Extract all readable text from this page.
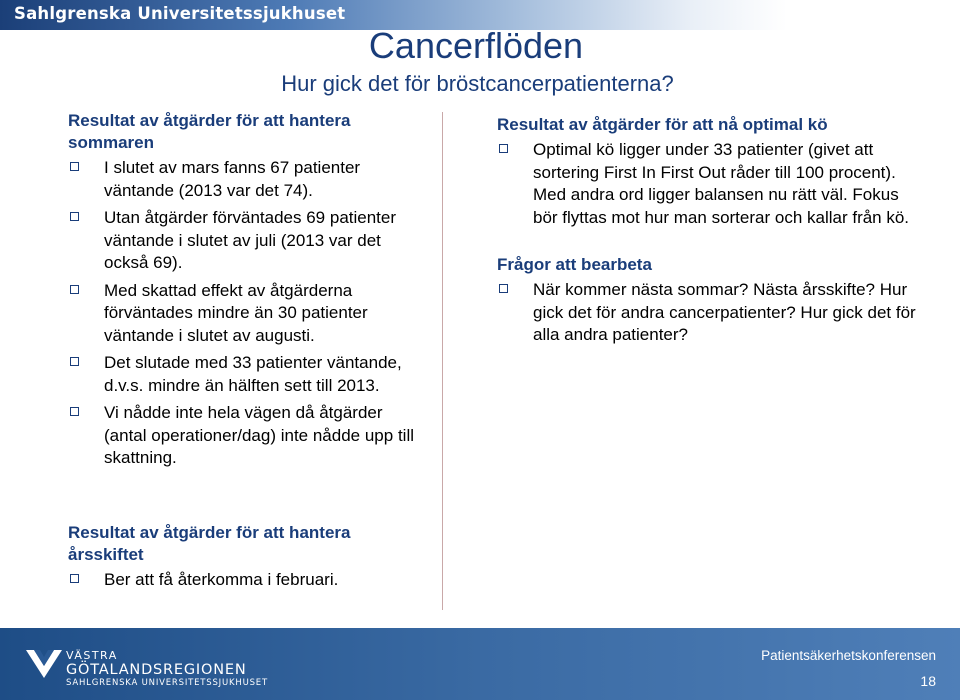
Sahlgrenska Universitetssjukhuset
Cancerflöden
Hur gick det för bröstcancerpatienterna?

Resultat av åtgärder för att hantera sommaren

I slutet av mars fanns 67 patienter väntande (2013 var det 74).
Utan åtgärder förväntades 69 patienter väntande i slutet av juli (2013 var det också 69).
Med skattad effekt av åtgärderna förväntades mindre än 30 patienter väntande i slutet av augusti.
Det slutade med 33 patienter väntande, d.v.s. mindre än hälften sett till 2013.
Vi nådde inte hela vägen då åtgärder (antal operationer/dag) inte nådde upp till skattning.

Resultat av åtgärder för att hantera årsskiftet

Ber att få återkomma i februari.

Resultat av åtgärder för att nå optimal kö

Optimal kö ligger under 33 patienter (givet att sortering First In First Out råder till 100 procent). Med andra ord ligger balansen nu rätt väl. Fokus bör flyttas mot hur man sorterar och kallar från kö.

Frågor att bearbeta

När kommer nästa sommar? Nästa årsskifte? Hur gick det för andra cancerpatienter? Hur gick det för alla andra patienter?
VÄSTRA
GÖTALANDSREGIONEN
SAHLGRENSKA UNIVERSITETSSJUKHUSET
Patientsäkerhetskonferensen
18
